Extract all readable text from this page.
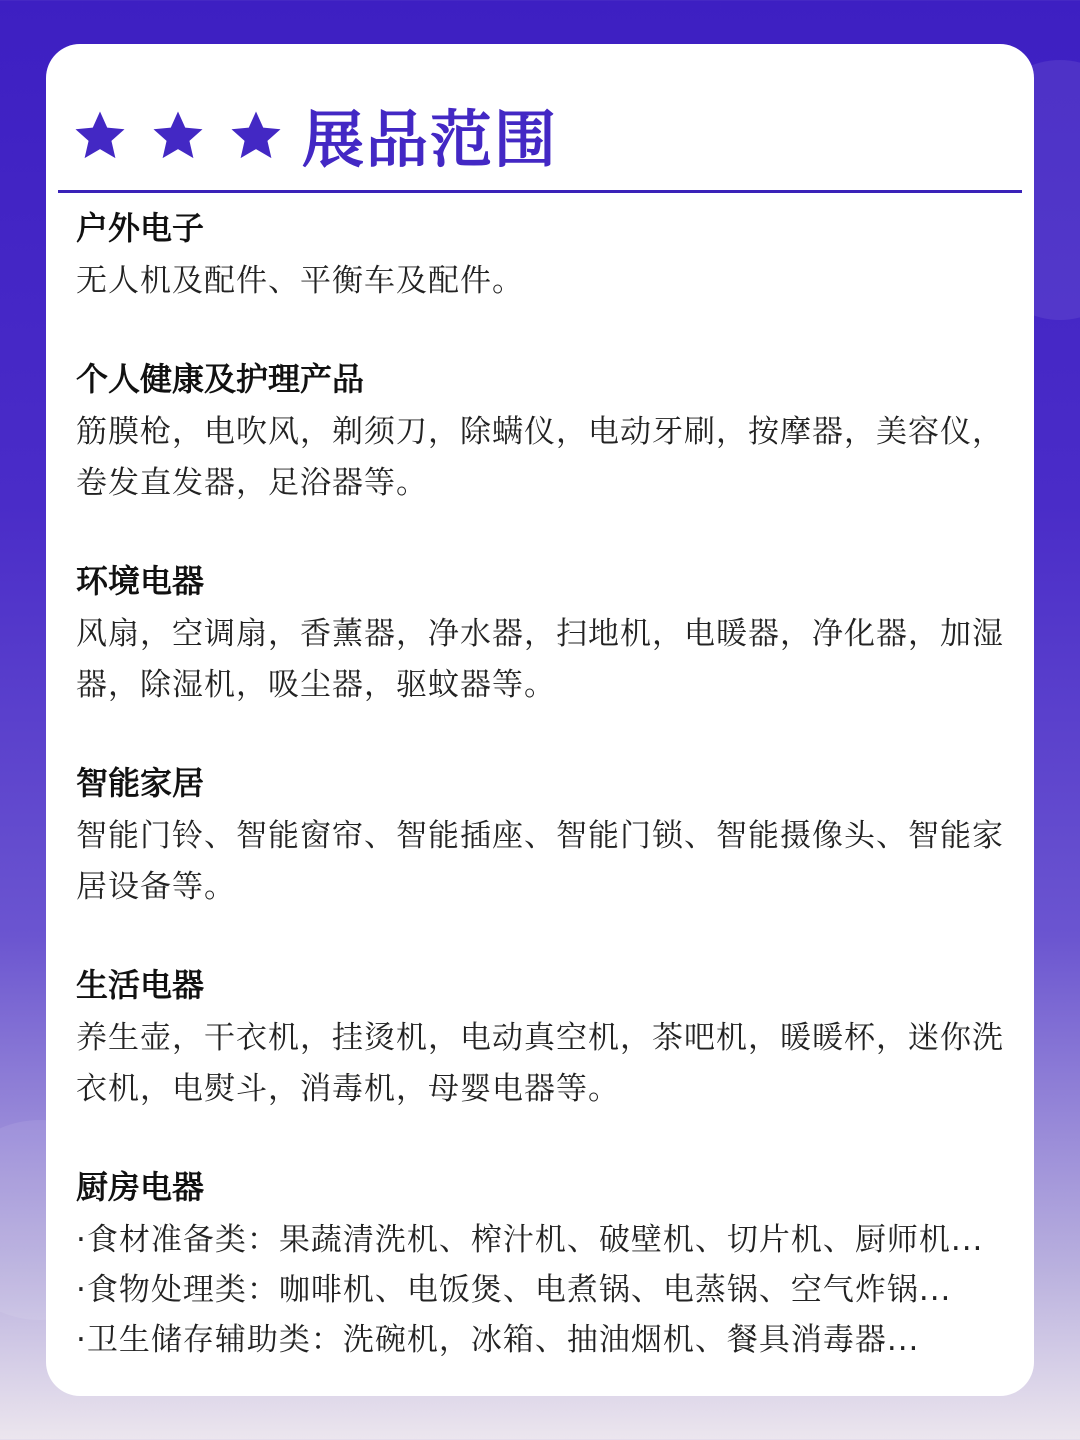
展品范围

户外电子

无人机及配件、平衡车及配件。

个人健康及护理产品

筋膜枪，电吹风，剃须刀，除螨仪，电动牙刷，按摩器，美容仪，卷发直发器，足浴器等。

环境电器

风扇，空调扇，香薰器，净水器，扫地机，电暖器，净化器，加湿器，除湿机，吸尘器，驱蚊器等。

智能家居

智能门铃、智能窗帘、智能插座、智能门锁、智能摄像头、智能家居设备等。

生活电器

养生壶，干衣机，挂烫机，电动真空机，茶吧机，暖暖杯，迷你洗衣机，电熨斗，消毒机，母婴电器等。

厨房电器

·食材准备类：果蔬清洗机、榨汁机、破壁机、切片机、厨师机...
·食物处理类：咖啡机、电饭煲、电煮锅、电蒸锅、空气炸锅...
·卫生储存辅助类：洗碗机，冰箱、抽油烟机、餐具消毒器...
